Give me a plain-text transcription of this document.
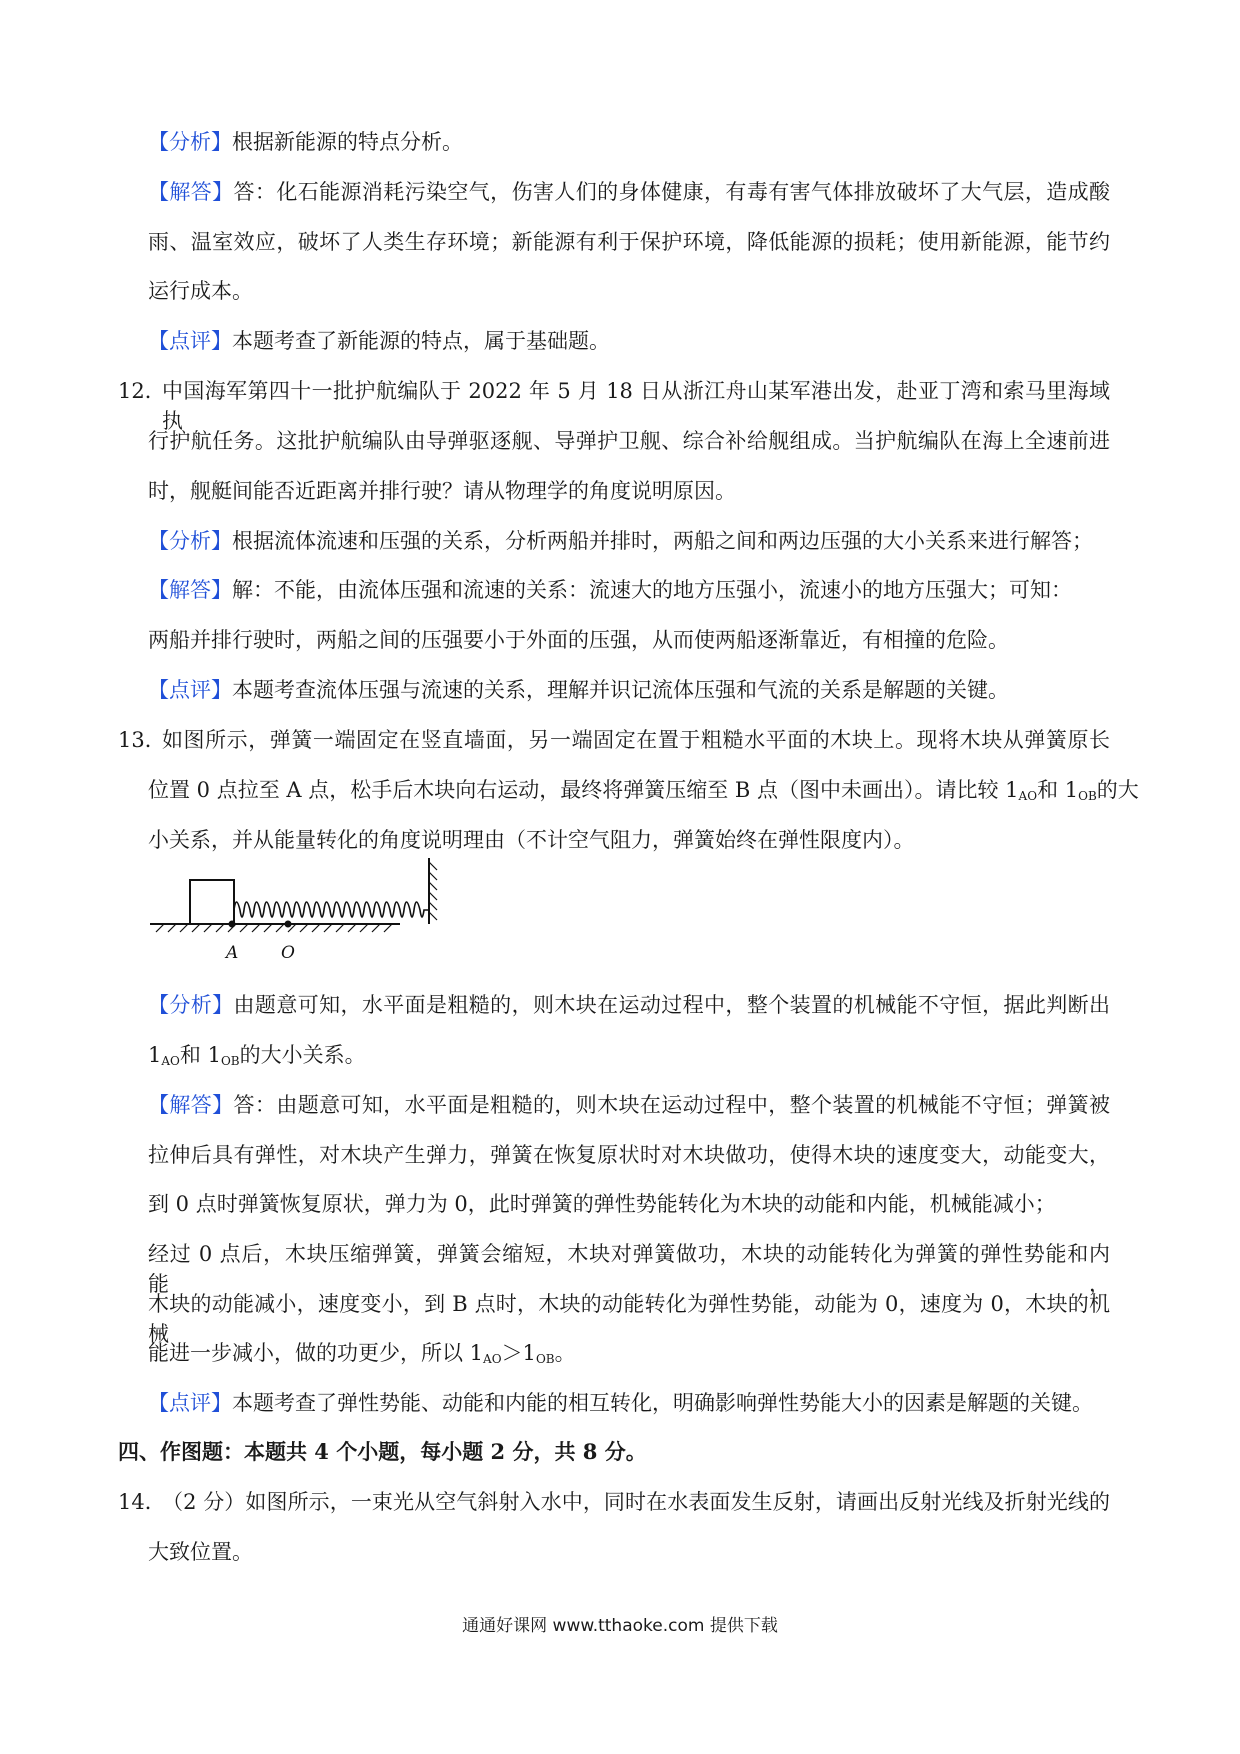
【分析】根据新能源的特点分析。
【解答】答：化石能源消耗污染空气，伤害人们的身体健康，有毒有害气体排放破坏了大气层，造成酸
雨、温室效应，破坏了人类生存环境；新能源有利于保护环境，降低能源的损耗；使用新能源，能节约
运行成本。
【点评】本题考查了新能源的特点，属于基础题。
12．
中国海军第四十一批护航编队于 2022 年 5 月 18 日从浙江舟山某军港出发，赴亚丁湾和索马里海域执
行护航任务。这批护航编队由导弹驱逐舰、导弹护卫舰、综合补给舰组成。当护航编队在海上全速前进
时，舰艇间能否近距离并排行驶？请从物理学的角度说明原因。
【分析】根据流体流速和压强的关系，分析两船并排时，两船之间和两边压强的大小关系来进行解答；
【解答】解：不能，由流体压强和流速的关系：流速大的地方压强小，流速小的地方压强大；可知：
两船并排行驶时，两船之间的压强要小于外面的压强，从而使两船逐渐靠近，有相撞的危险。
【点评】本题考查流体压强与流速的关系，理解并识记流体压强和气流的关系是解题的关键。
13．
如图所示，弹簧一端固定在竖直墙面，另一端固定在置于粗糙水平面的木块上。现将木块从弹簧原长
位置 0 点拉至 A 点，松手后木块向右运动，最终将弹簧压缩至 B 点（图中未画出）。请比较 $1_{AO}$和 $1_{OB}$的大
小关系，并从能量转化的角度说明理由（不计空气阻力，弹簧始终在弹性限度内）。
A	O
【分析】由题意可知，水平面是粗糙的，则木块在运动过程中，整个装置的机械能不守恒，据此判断出
$1_{AO}$和 $1_{OB}$的大小关系。
【解答】答：由题意可知，水平面是粗糙的，则木块在运动过程中，整个装置的机械能不守恒；弹簧被
拉伸后具有弹性，对木块产生弹力，弹簧在恢复原状时对木块做功，使得木块的速度变大，动能变大，
到 0 点时弹簧恢复原状，弹力为 0，此时弹簧的弹性势能转化为木块的动能和内能，机械能减小；
经过 0 点后，木块压缩弹簧，弹簧会缩短，木块对弹簧做功，木块的动能转化为弹簧的弹性势能和内能，
木块的动能减小，速度变小，到 B 点时，木块的动能转化为弹性势能，动能为 0，速度为 0，木块的机械
能进一步减小，做的功更少，所以 $1_{AO}>1_{OB}$。
【点评】本题考查了弹性势能、动能和内能的相互转化，明确影响弹性势能大小的因素是解题的关键。
四、作图题：本题共 4 个小题，每小题 2 分，共 8 分。
14．
（2 分）如图所示，一束光从空气斜射入水中，同时在水表面发生反射，请画出反射光线及折射光线的
大致位置。
通通好课网 www.tthaoke.com 提供下载
